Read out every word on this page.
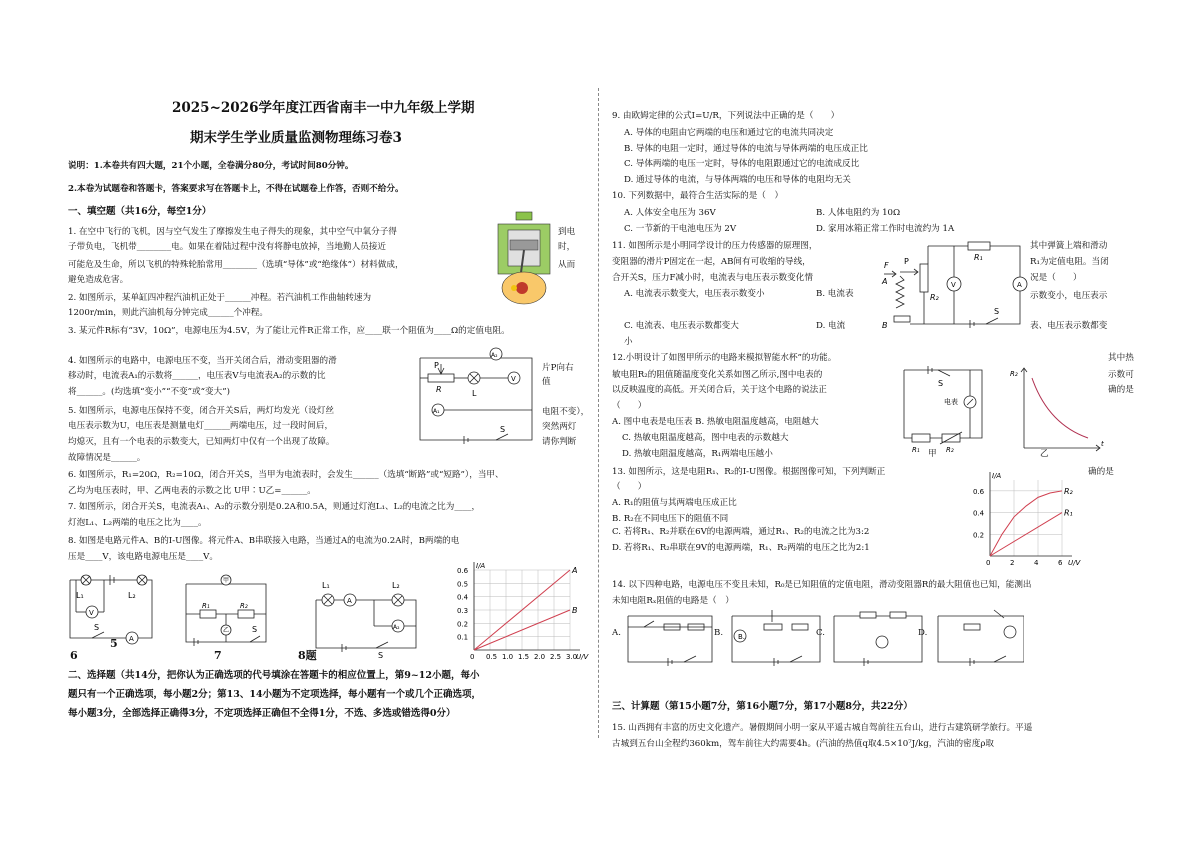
2025~2026学年度江西省南丰一中九年级上学期
期末学生学业质量监测物理练习卷3
说明：1.本卷共有四大题，21个小题，全卷满分80分，考试时间80分钟。
2.本卷为试题卷和答题卡，答案要求写在答题卡上，不得在试题卷上作答，否则不给分。
一、填空题（共16分，每空1分）
1. 在空中飞行的飞机，因与空气发生了摩擦发生电子得失的现象，其中空气中氧分子得
子带负电，飞机带________电。如果在着陆过程中没有将静电放掉，当地勤人员接近
可能危及生命，所以飞机的特殊轮胎常用________（选填“导体”或“绝缘体”）材料做成，
避免造成危害。
到电
时，
从而
2. 如图所示，某单缸四冲程汽油机正处于______冲程。若汽油机工作曲轴转速为
1200r/min，则此汽油机每分钟完成______个冲程。
3. 某元件R标有“3V，10Ω”，电源电压为4.5V，为了能让元件R正常工作，应____联一个阻值为____Ω的定值电阻。
4. 如图所示的电路中，电源电压不变，当开关闭合后，滑动变阻器的滑
移动时，电流表A₁的示数将______，电压表V与电流表A₂的示数的比
将______。(均选填“变小”“不变”或“变大”)
片P向右
值
P
R	L
V
A₂
A₁
S
5. 如图所示，电源电压保持不变，闭合开关S后，两灯均发光（设灯丝
电压表示数为U，电压表是测量电灯______两端电压，过一段时间后，
均熄灭，且有一个电表的示数变大，已知两灯中仅有一个出现了故障。
故障情况是______。
电阻不变），
突然两灯
请你判断
6. 如图所示，R₁=20Ω，R₂=10Ω，闭合开关S，当甲为电流表时，会发生______（选填“断路”或“短路”），当甲、
乙均为电压表时，甲、乙两电表的示数之比 U甲∶U乙=______。
7. 如图所示，闭合开关S，电流表A₁、A₂的示数分别是0.2A和0.5A，则通过灯泡L₁、L₂的电流之比为____，
灯泡L₁、L₂两端的电压之比为____。
8. 如图是电路元件A、B的I-U图像。将元件A、B串联接入电路，当通过A的电流为0.2A时，B两端的电
压是____V，该电路电源电压是____V。
L₁	L₂
V
S
A
甲
R₁	R₂
乙	S
L₁	L₂
A
A₂
S	0 0.5 1.0 1.5 2.0 2.5 3.0
0.1
0.2
0.3
0.4
0.5
0.6
U/V
I/A	A
B
6
5
7	8题
二、选择题（共14分，把你认为正确选项的代号填涂在答题卡的相应位置上，第9~12小题，每小
题只有一个正确选项，每小题2分；第13、14小题为不定项选择，每小题有一个或几个正确选项，
每小题3分，全部选择正确得3分，不定项选择正确但不全得1分，不选、多选或错选得0分）
9. 由欧姆定律的公式I=U/R，下列说法中正确的是（　　）
A. 导体的电阻由它两端的电压和通过它的电流共同决定
B. 导体的电阻一定时，通过导体的电流与导体两端的电压成正比
C. 导体两端的电压一定时，导体的电阻跟通过它的电流成反比
D. 通过导体的电流，与导体两端的电压和导体的电阻均无关
10. 下列数据中，最符合生活实际的是（　）
A. 人体安全电压为 36V	B. 人体电阻约为 10Ω
C. 一节新的干电池电压为 2V	D. 家用冰箱正常工作时电流约为 1A
11. 如图所示是小明同学设计的压力传感器的原理图，
变阻器的滑片P固定在一起，AB间有可收缩的导线，
合开关S，压力F减小时，电流表与电压表示数变化情
A. 电流表示数变大，电压表示数变小	B. 电流表
C. 电流表、电压表示数都变大	D. 电流
小
其中弹簧上端和滑动
R₁为定值电阻。当闭
况是（　　）
示数变小，电压表示
表、电压表示数都变
F P
A
R₂
V
R₁
A
B
S
12.小明设计了如图甲所示的电路来模拟智能水杯”的功能。
敏电阻R₂的阻值随温度变化关系如图乙所示,图中电表的
以反映温度的高低。开关闭合后，关于这个电路的说法正
（　　）
A. 图中电表是电压表 B. 热敏电阻温度越高，电阻越大
C. 热敏电阻温度越高，图中电表的示数越大
D. 热敏电阻温度越高，R₁两端电压越小
其中热
示数可
确的是
S
电表
R₁	R₂
R₂
t
甲	乙
13. 如图所示，这是电阻R₁、R₂的I-U图像。根据图像可知，下列判断正
（　　）
A. R₁的阻值与其两端电压成正比
B. R₂在不同电压下的阻值不同
C. 若将R₁、R₂并联在6V的电源两端，通过R₁、R₂的电流之比为3:2
D. 若将R₁、R₂串联在9V的电源两端，R₁、R₂两端的电压之比为2:1
确的是
0	2	4	6
0.2
0.4
0.6
U/V
I/A
R₂
R₁
14. 以下四种电路，电源电压不变且未知，R₀是已知阻值的定值电阻，滑动变阻器R的最大阻值也已知，能测出
未知电阻Rₓ阻值的电路是（　）
A.	B.	C.	D.
B.
三、计算题（第15小题7分，第16小题7分，第17小题8分，共22分）
15. 山西拥有丰富的历史文化遗产。暑假期间小明一家从平遥古城自驾前往五台山，进行古建筑研学旅行。平遥
古城到五台山全程约360km，驾车前往大约需要4h。(汽油的热值q取4.5×10⁷J/kg，汽油的密度ρ取
